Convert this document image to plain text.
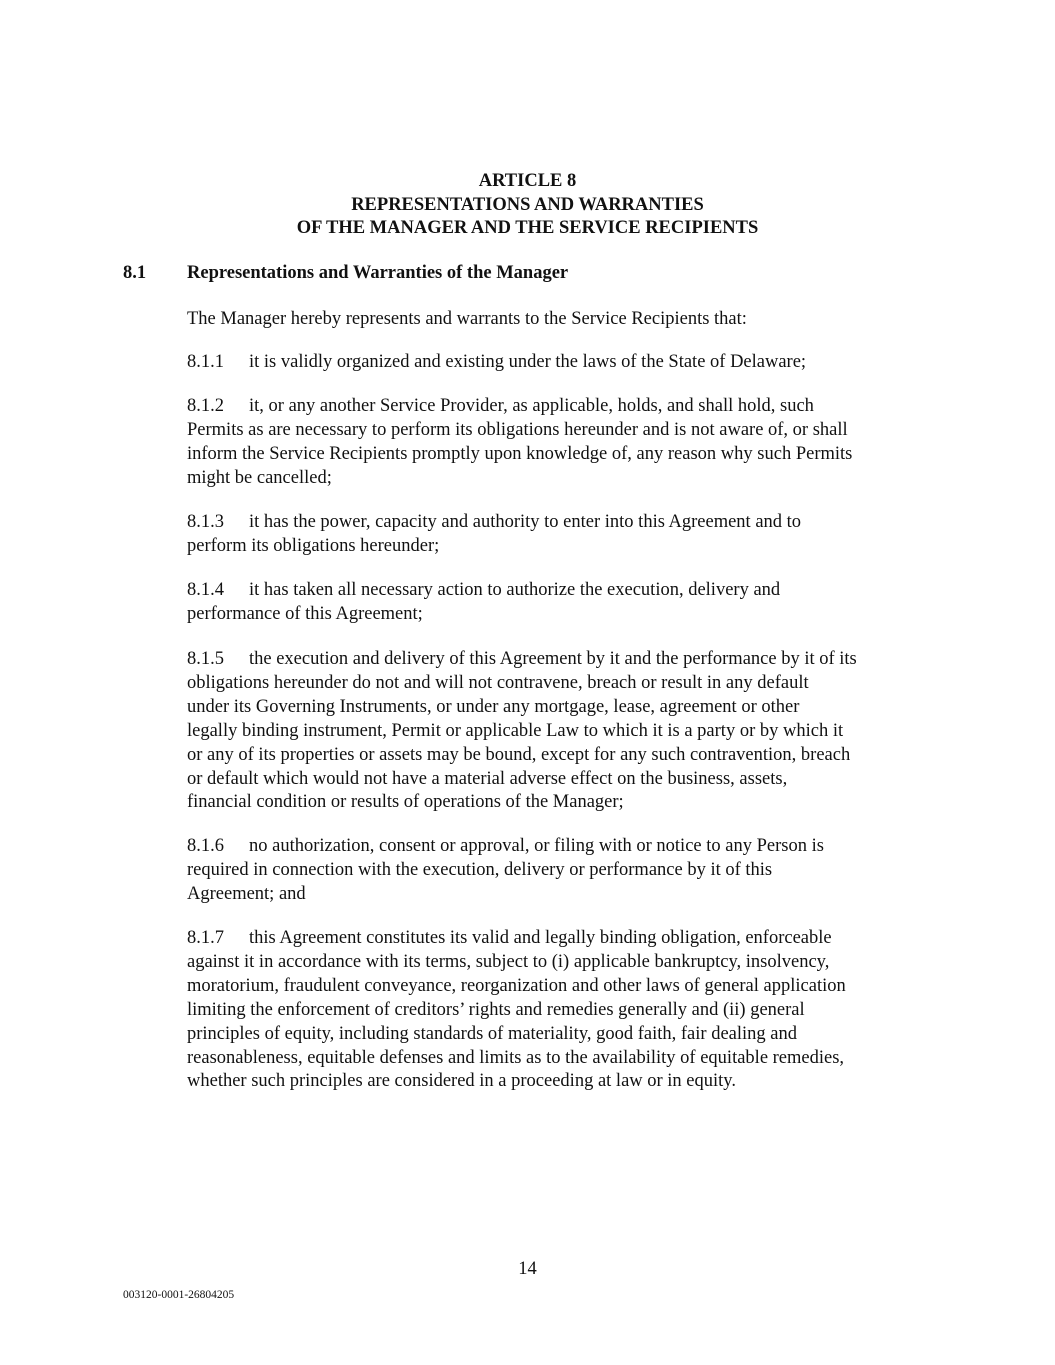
ARTICLE 8
REPRESENTATIONS AND WARRANTIES
OF THE MANAGER AND THE SERVICE RECIPIENTS
8.1 Representations and Warranties of the Manager
The Manager hereby represents and warrants to the Service Recipients that:
8.1.1 it is validly organized and existing under the laws of the State of Delaware;
8.1.2 it, or any another Service Provider, as applicable, holds, and shall hold, such
Permits as are necessary to perform its obligations hereunder and is not aware of, or shall
inform the Service Recipients promptly upon knowledge of, any reason why such Permits
might be cancelled;
8.1.3 it has the power, capacity and authority to enter into this Agreement and to
perform its obligations hereunder;
8.1.4 it has taken all necessary action to authorize the execution, delivery and
performance of this Agreement;
8.1.5 the execution and delivery of this Agreement by it and the performance by it of its
obligations hereunder do not and will not contravene, breach or result in any default
under its Governing Instruments, or under any mortgage, lease, agreement or other
legally binding instrument, Permit or applicable Law to which it is a party or by which it
or any of its properties or assets may be bound, except for any such contravention, breach
or default which would not have a material adverse effect on the business, assets,
financial condition or results of operations of the Manager;
8.1.6 no authorization, consent or approval, or filing with or notice to any Person is
required in connection with the execution, delivery or performance by it of this
Agreement; and
8.1.7 this Agreement constitutes its valid and legally binding obligation, enforceable
against it in accordance with its terms, subject to (i) applicable bankruptcy, insolvency,
moratorium, fraudulent conveyance, reorganization and other laws of general application
limiting the enforcement of creditors’ rights and remedies generally and (ii) general
principles of equity, including standards of materiality, good faith, fair dealing and
reasonableness, equitable defenses and limits as to the availability of equitable remedies,
whether such principles are considered in a proceeding at law or in equity.
14
003120-0001-26804205
